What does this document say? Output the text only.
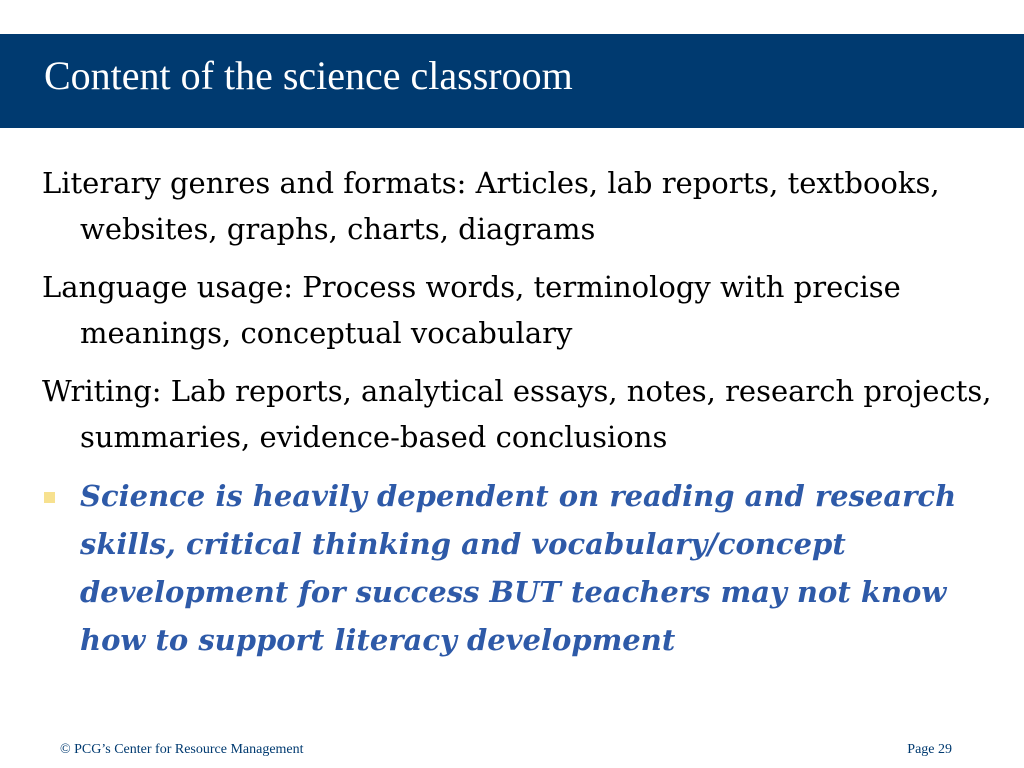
Content of the science classroom
Literary genres and formats: Articles, lab reports, textbooks, websites, graphs, charts, diagrams
Language usage: Process words, terminology with precise meanings, conceptual vocabulary
Writing: Lab reports, analytical essays, notes, research projects, summaries, evidence-based conclusions
Science is heavily dependent on reading and research skills, critical thinking and vocabulary/concept development for success BUT teachers may not know how to support literacy development
© PCG’s Center for Resource Management	Page 29
